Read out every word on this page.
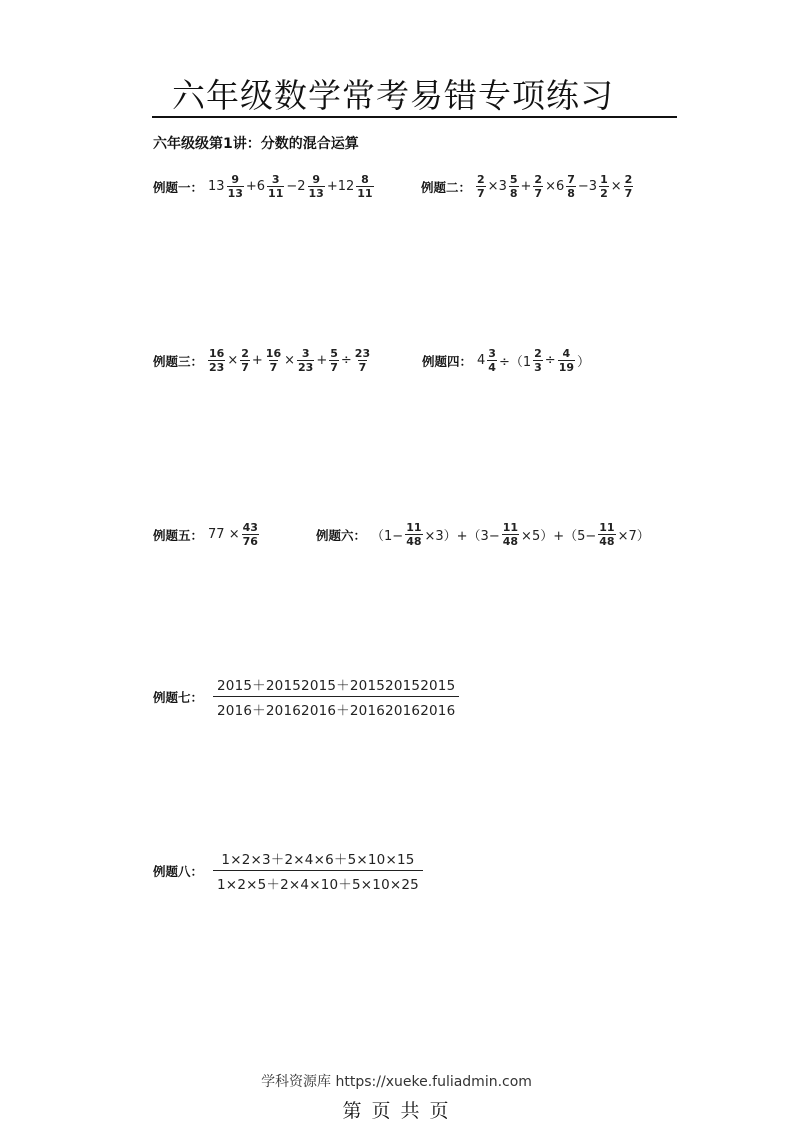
六年级数学常考易错专项练习
六年级级第1讲：分数的混合运算
例题一： $13 \frac{9}{13} +6 \frac{3}{11} -2 \frac{9}{13} +12 \frac{8}{11}$	例题二： $\frac{2}{7} \times 3 \frac{5}{8} + \frac{2}{7} \times 6 \frac{7}{8} -3 \frac{1}{2} \times \frac{2}{7}$
例题三： $\frac{16}{23} \times \frac{2}{7} + \frac{16}{7} \times \frac{3}{23} + \frac{5}{7} \div \frac{23}{7}$	例题四： $4 \frac{3}{4} \div(1 \frac{2}{3} \div \frac{4}{19}$ ）
例题五： $77 \times \frac{43}{76}$	例题六： $(1- \frac{11}{48} \times 3)+(3- \frac{11}{48} \times 5)+(5- \frac{11}{48} \times 7)$
例题七： $\frac{2015+20152015+201520152015}{2016+20162016+201620162016}$
例题八： $\frac{1\times 2\times 3+2\times 4\times 6+5\times 10\times 15}{1\times 2\times 5+2\times 4\times 10+5\times 10\times 25}$
学科资源库 https://xueke.fuliadmin.com
第 页 共 页
